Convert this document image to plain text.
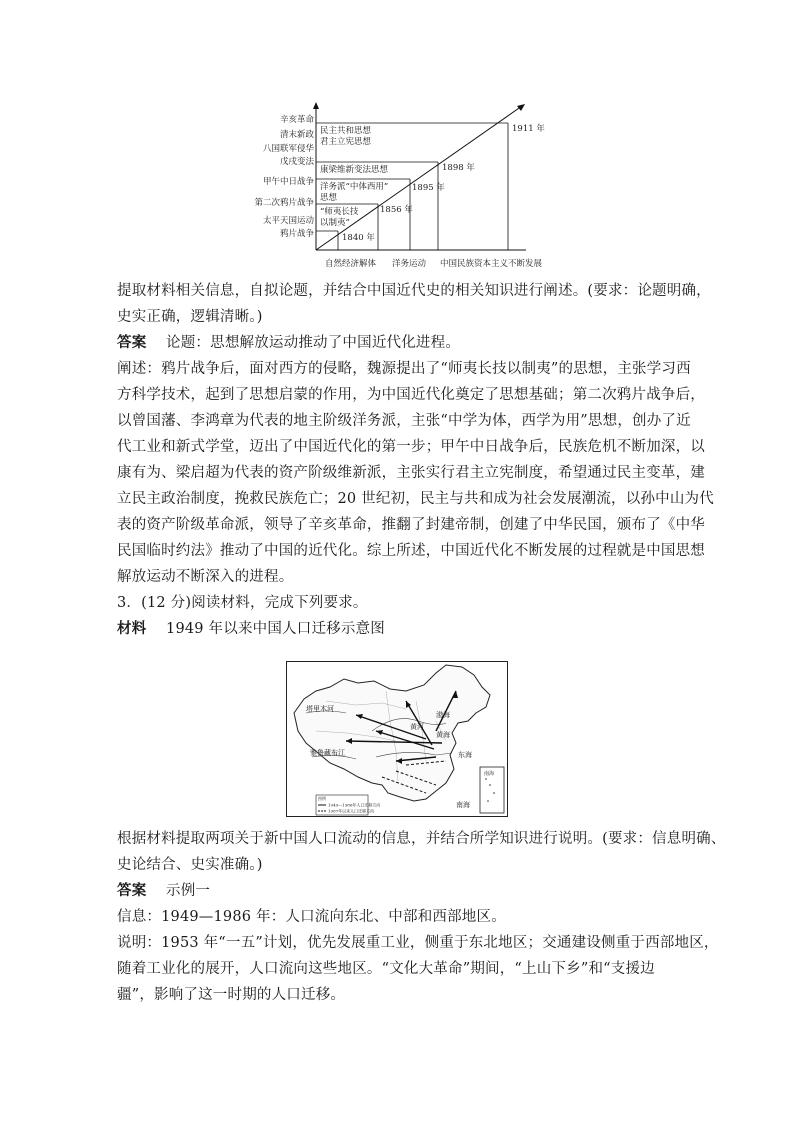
辛亥革命
清末新政
八国联军侵华
戊戌变法
甲午中日战争
第二次鸦片战争
太平天国运动
鸦片战争
民主共和思想
君主立宪思想
康梁维新变法思想
洋务派“中体西用”
思想
“师夷长技
以制夷”
1911 年
1898 年
1895 年
1856 年
1840 年
自然经济解体 洋务运动 中国民族资本主义不断发展
提取材料相关信息，自拟论题，并结合中国近代史的相关知识进行阐述。(要求：论题明确，
史实正确，逻辑清晰。)
答案 论题：思想解放运动推动了中国近代化进程。
阐述：鸦片战争后，面对西方的侵略，魏源提出了“师夷长技以制夷”的思想，主张学习西
方科学技术，起到了思想启蒙的作用，为中国近代化奠定了思想基础；第二次鸦片战争后，
以曾国藩、李鸿章为代表的地主阶级洋务派，主张“中学为体，西学为用”思想，创办了近
代工业和新式学堂，迈出了中国近代化的第一步；甲午中日战争后，民族危机不断加深，以
康有为、梁启超为代表的资产阶级维新派，主张实行君主立宪制度，希望通过民主变革，建
立民主政治制度，挽救民族危亡；20 世纪初，民主与共和成为社会发展潮流，以孙中山为代
表的资产阶级革命派，领导了辛亥革命，推翻了封建帝制，创建了中华民国，颁布了《中华
民国临时约法》推动了中国的近代化。综上所述，中国近代化不断发展的过程就是中国思想
解放运动不断深入的进程。
3．(12 分)阅读材料，完成下列要求。
材料 1949 年以来中国人口迁移示意图
图例
1949—1986年人口迁移方向
1987年以来人口迁移方向
塔里木河
渤海
黄海
黄河
东海
南海
雅鲁藏布江
南海
根据材料提取两项关于新中国人口流动的信息，并结合所学知识进行说明。(要求：信息明确、
史论结合、史实准确。)
答案 示例一
信息：1949—1986 年：人口流向东北、中部和西部地区。
说明：1953 年“一五”计划，优先发展重工业，侧重于东北地区；交通建设侧重于西部地区，
随着工业化的展开，人口流向这些地区。“文化大革命”期间，“上山下乡”和“支援边
疆”，影响了这一时期的人口迁移。
